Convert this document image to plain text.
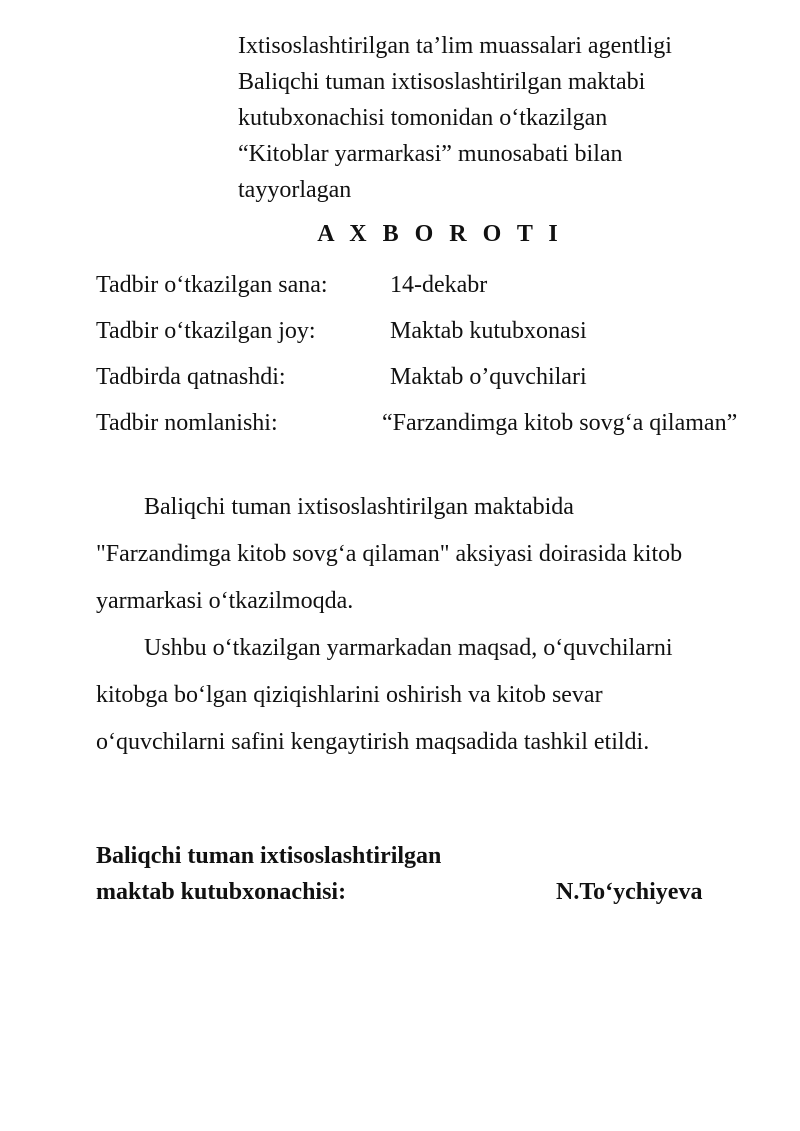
Ixtisoslashtirilgan ta’lim muassalari agentligi
Baliqchi tuman ixtisoslashtirilgan maktabi
kutubxonachisi tomonidan o‘tkazilgan
“Kitoblar yarmarkasi” munosabati bilan
tayyorlagan
A X B O R O T I
Tadbir o‘tkazilgan sana:	14-dekabr
Tadbir o‘tkazilgan joy:	Maktab kutubxonasi
Tadbirda qatnashdi:	Maktab o’quvchilari
Tadbir nomlanishi:	“Farzandimga kitob sovg‘a qilaman”
Baliqchi tuman ixtisoslashtirilgan maktabida
"Farzandimga kitob sovg‘a qilaman" aksiyasi doirasida kitob
yarmarkasi o‘tkazilmoqda.
Ushbu o‘tkazilgan yarmarkadan maqsad, o‘quvchilarni
kitobga bo‘lgan qiziqishlarini oshirish va kitob sevar
o‘quvchilarni safini kengaytirish maqsadida tashkil etildi.
Baliqchi tuman ixtisoslashtirilgan
maktab kutubxonachisi:	N.To‘ychiyeva
